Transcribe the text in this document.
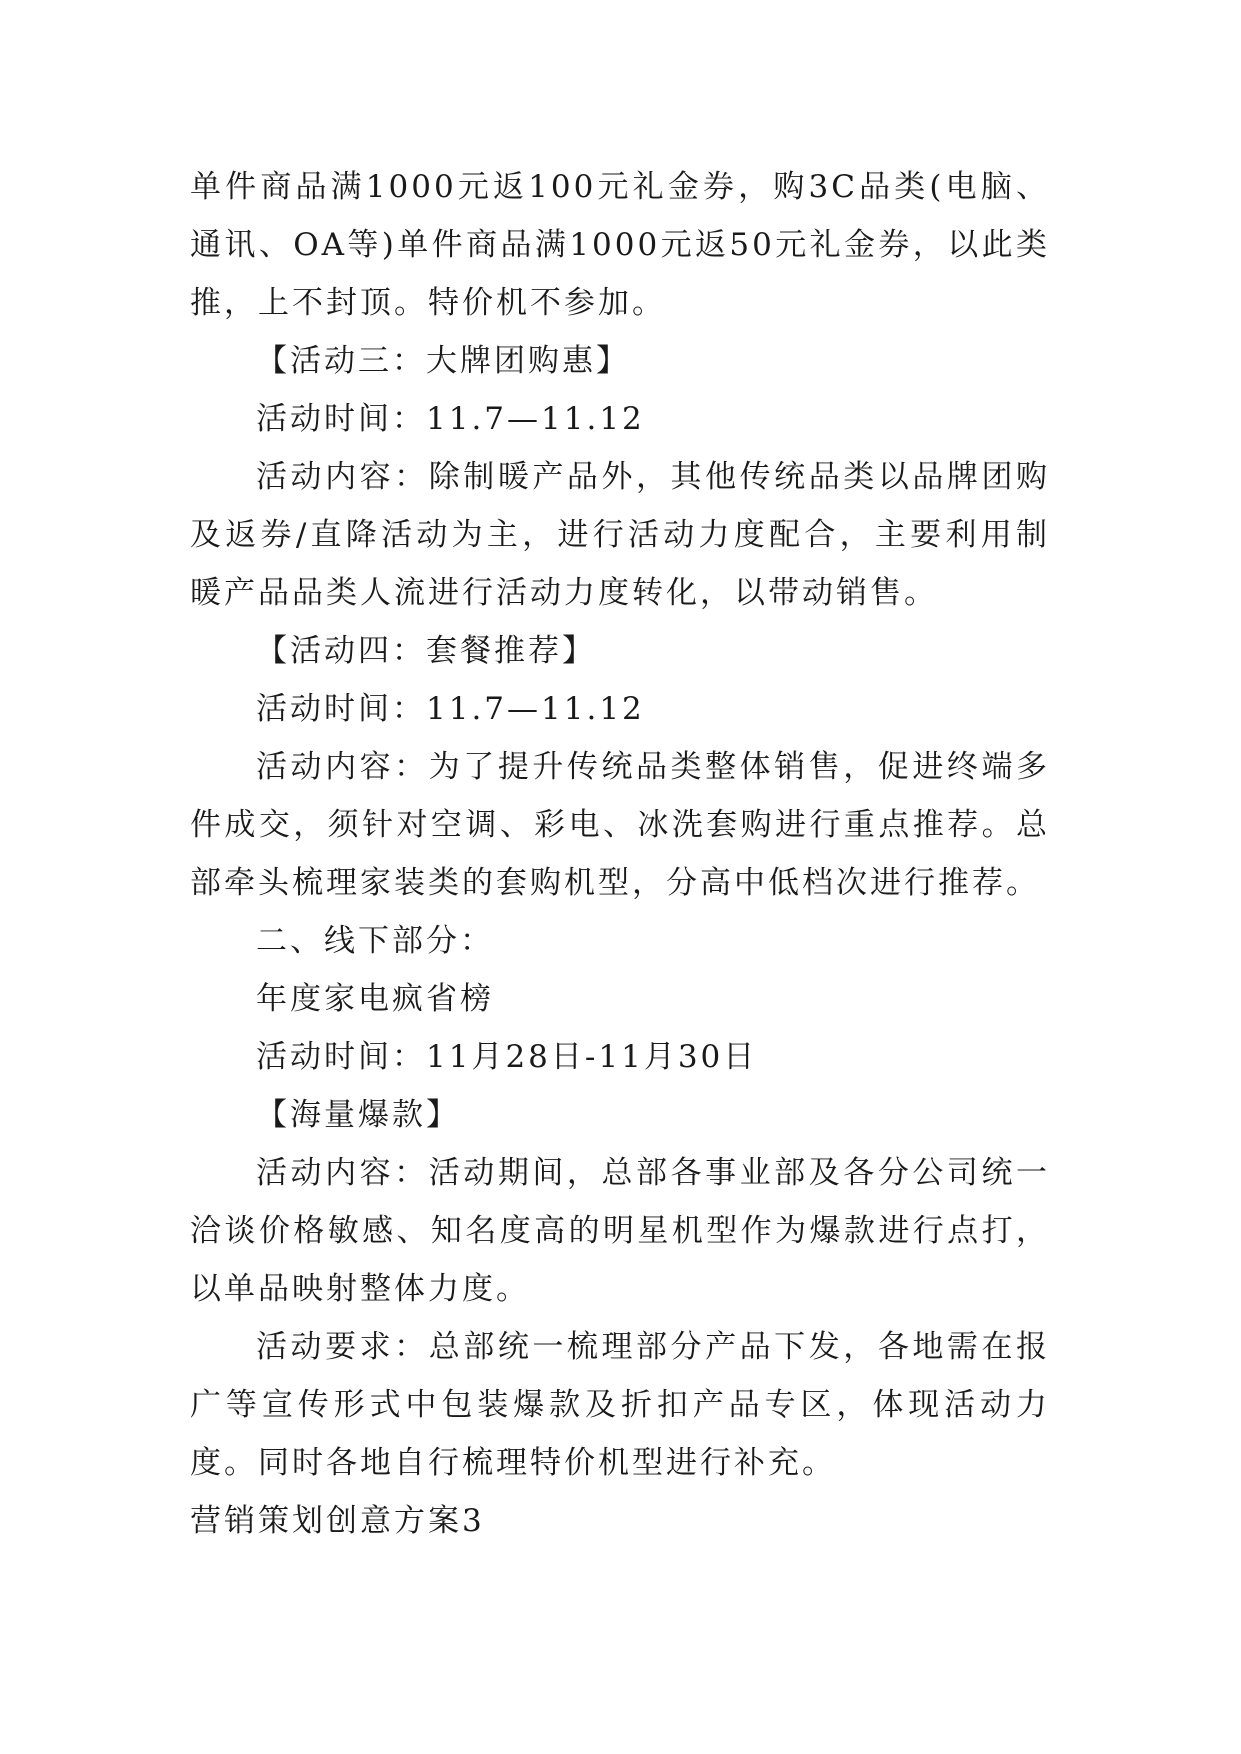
单件商品满1000元返100元礼金券，购3C品类(电脑、通讯、OA等)单件商品满1000元返50元礼金券，以此类推，上不封顶。特价机不参加。

【活动三：大牌团购惠】

活动时间：11.7—11.12

活动内容：除制暖产品外，其他传统品类以品牌团购及返券/直降活动为主，进行活动力度配合，主要利用制暖产品品类人流进行活动力度转化，以带动销售。

【活动四：套餐推荐】

活动时间：11.7—11.12

活动内容：为了提升传统品类整体销售，促进终端多件成交，须针对空调、彩电、冰洗套购进行重点推荐。总部牵头梳理家装类的套购机型，分高中低档次进行推荐。

二、线下部分：

年度家电疯省榜

活动时间：11月28日-11月30日

【海量爆款】

活动内容：活动期间，总部各事业部及各分公司统一洽谈价格敏感、知名度高的明星机型作为爆款进行点打，以单品映射整体力度。

活动要求：总部统一梳理部分产品下发，各地需在报广等宣传形式中包装爆款及折扣产品专区，体现活动力度。同时各地自行梳理特价机型进行补充。

营销策划创意方案3
